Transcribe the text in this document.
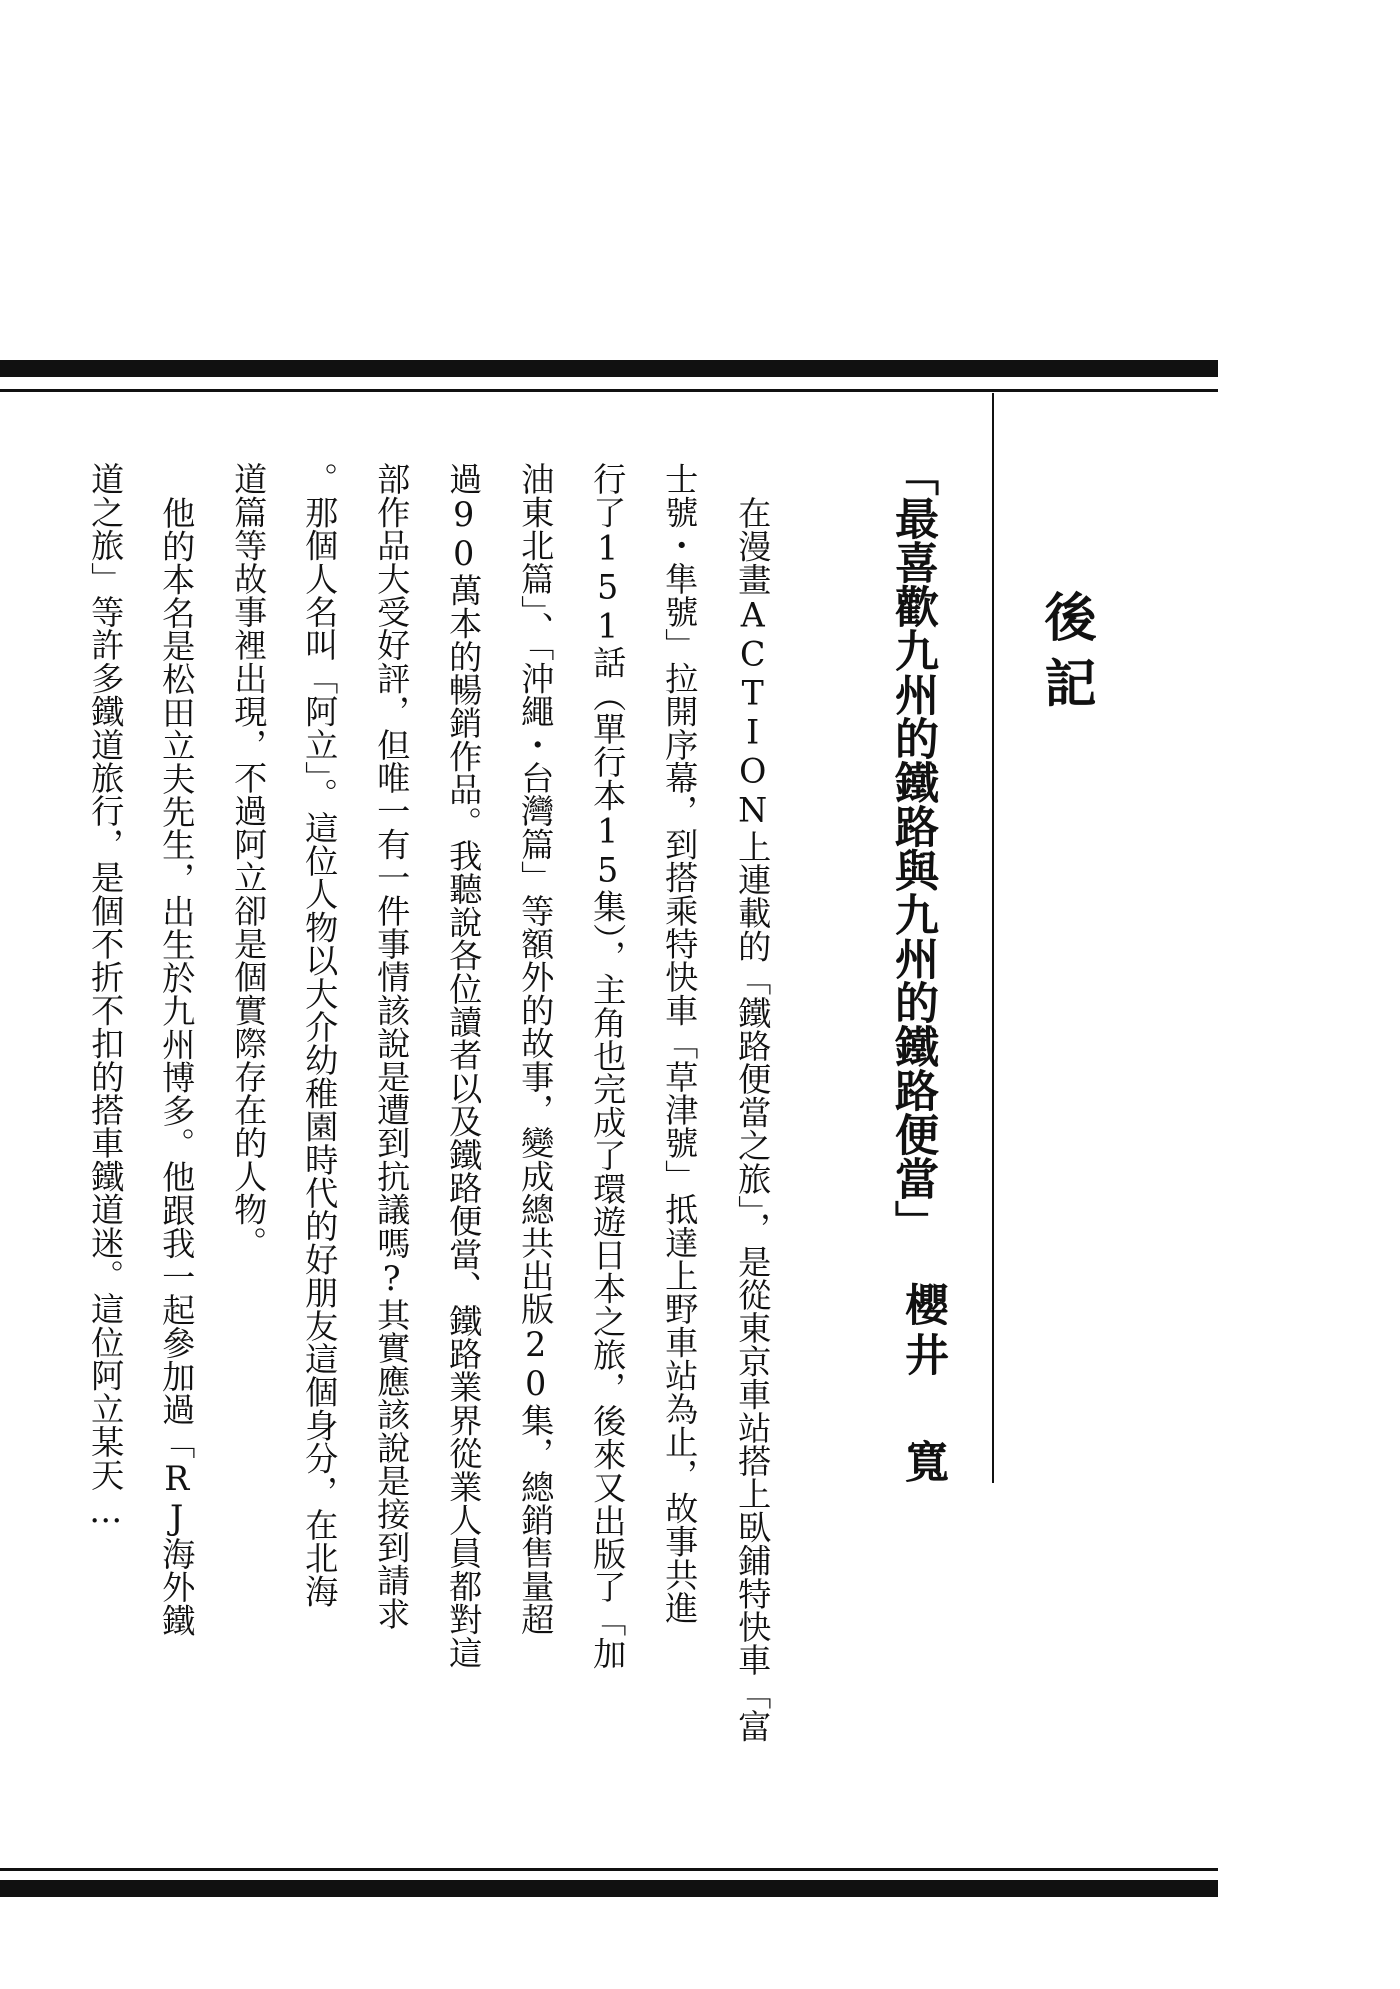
後記
「最喜歡九州的鐵路與九州的鐵路便當」
櫻井 寬
在漫畫ACTION上連載的「鐵路便當之旅」，是從東京車站搭上臥鋪特快車「富
士號・隼號」拉開序幕，到搭乘特快車「草津號」抵達上野車站為止，故事共進
行了151話（單行本15集），主角也完成了環遊日本之旅，後來又出版了「加
油東北篇」、「沖繩・台灣篇」等額外的故事，變成總共出版20集，總銷售量超
過90萬本的暢銷作品。我聽說各位讀者以及鐵路便當、鐵路業界從業人員都對這
部作品大受好評，但唯一有一件事情該說是遭到抗議嗎?其實應該說是接到請求
。那個人名叫「阿立」。這位人物以大介幼稚園時代的好朋友這個身分，在北海
道篇等故事裡出現，不過阿立卻是個實際存在的人物。
他的本名是松田立夫先生，出生於九州博多。他跟我一起參加過「RJ海外鐵
道之旅」等許多鐵道旅行，是個不折不扣的搭車鐵道迷。這位阿立某天…
